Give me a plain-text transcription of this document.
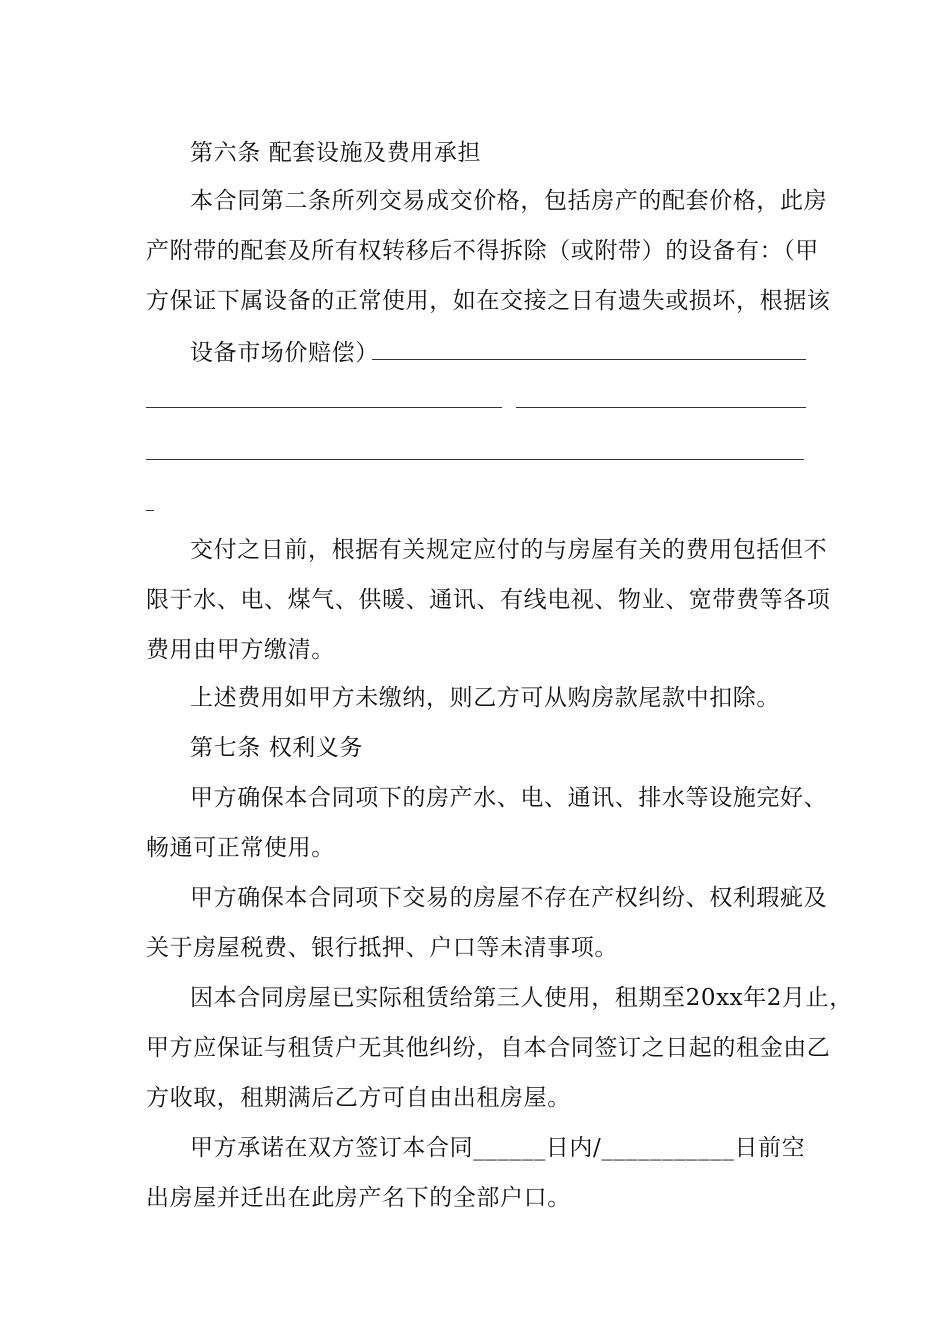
第六条 配套设施及费用承担
本合同第二条所列交易成交价格，包括房产的配套价格，此房
产附带的配套及所有权转移后不得拆除（或附带）的设备有：（甲
方保证下属设备的正常使用，如在交接之日有遗失或损坏，根据该
设备市场价赔偿）
交付之日前，根据有关规定应付的与房屋有关的费用包括但不
限于水、电、煤气、供暖、通讯、有线电视、物业、宽带费等各项
费用由甲方缴清。
上述费用如甲方未缴纳，则乙方可从购房款尾款中扣除。
第七条 权利义务
甲方确保本合同项下的房产水、电、通讯、排水等设施完好、
畅通可正常使用。
甲方确保本合同项下交易的房屋不存在产权纠纷、权利瑕疵及
关于房屋税费、银行抵押、户口等未清事项。
因本合同房屋已实际租赁给第三人使用，租期至20xx年2月止，
甲方应保证与租赁户无其他纠纷，自本合同签订之日起的租金由乙
方收取，租期满后乙方可自由出租房屋。
甲方承诺在双方签订本合同______日内/___________日前空
出房屋并迁出在此房产名下的全部户口。
